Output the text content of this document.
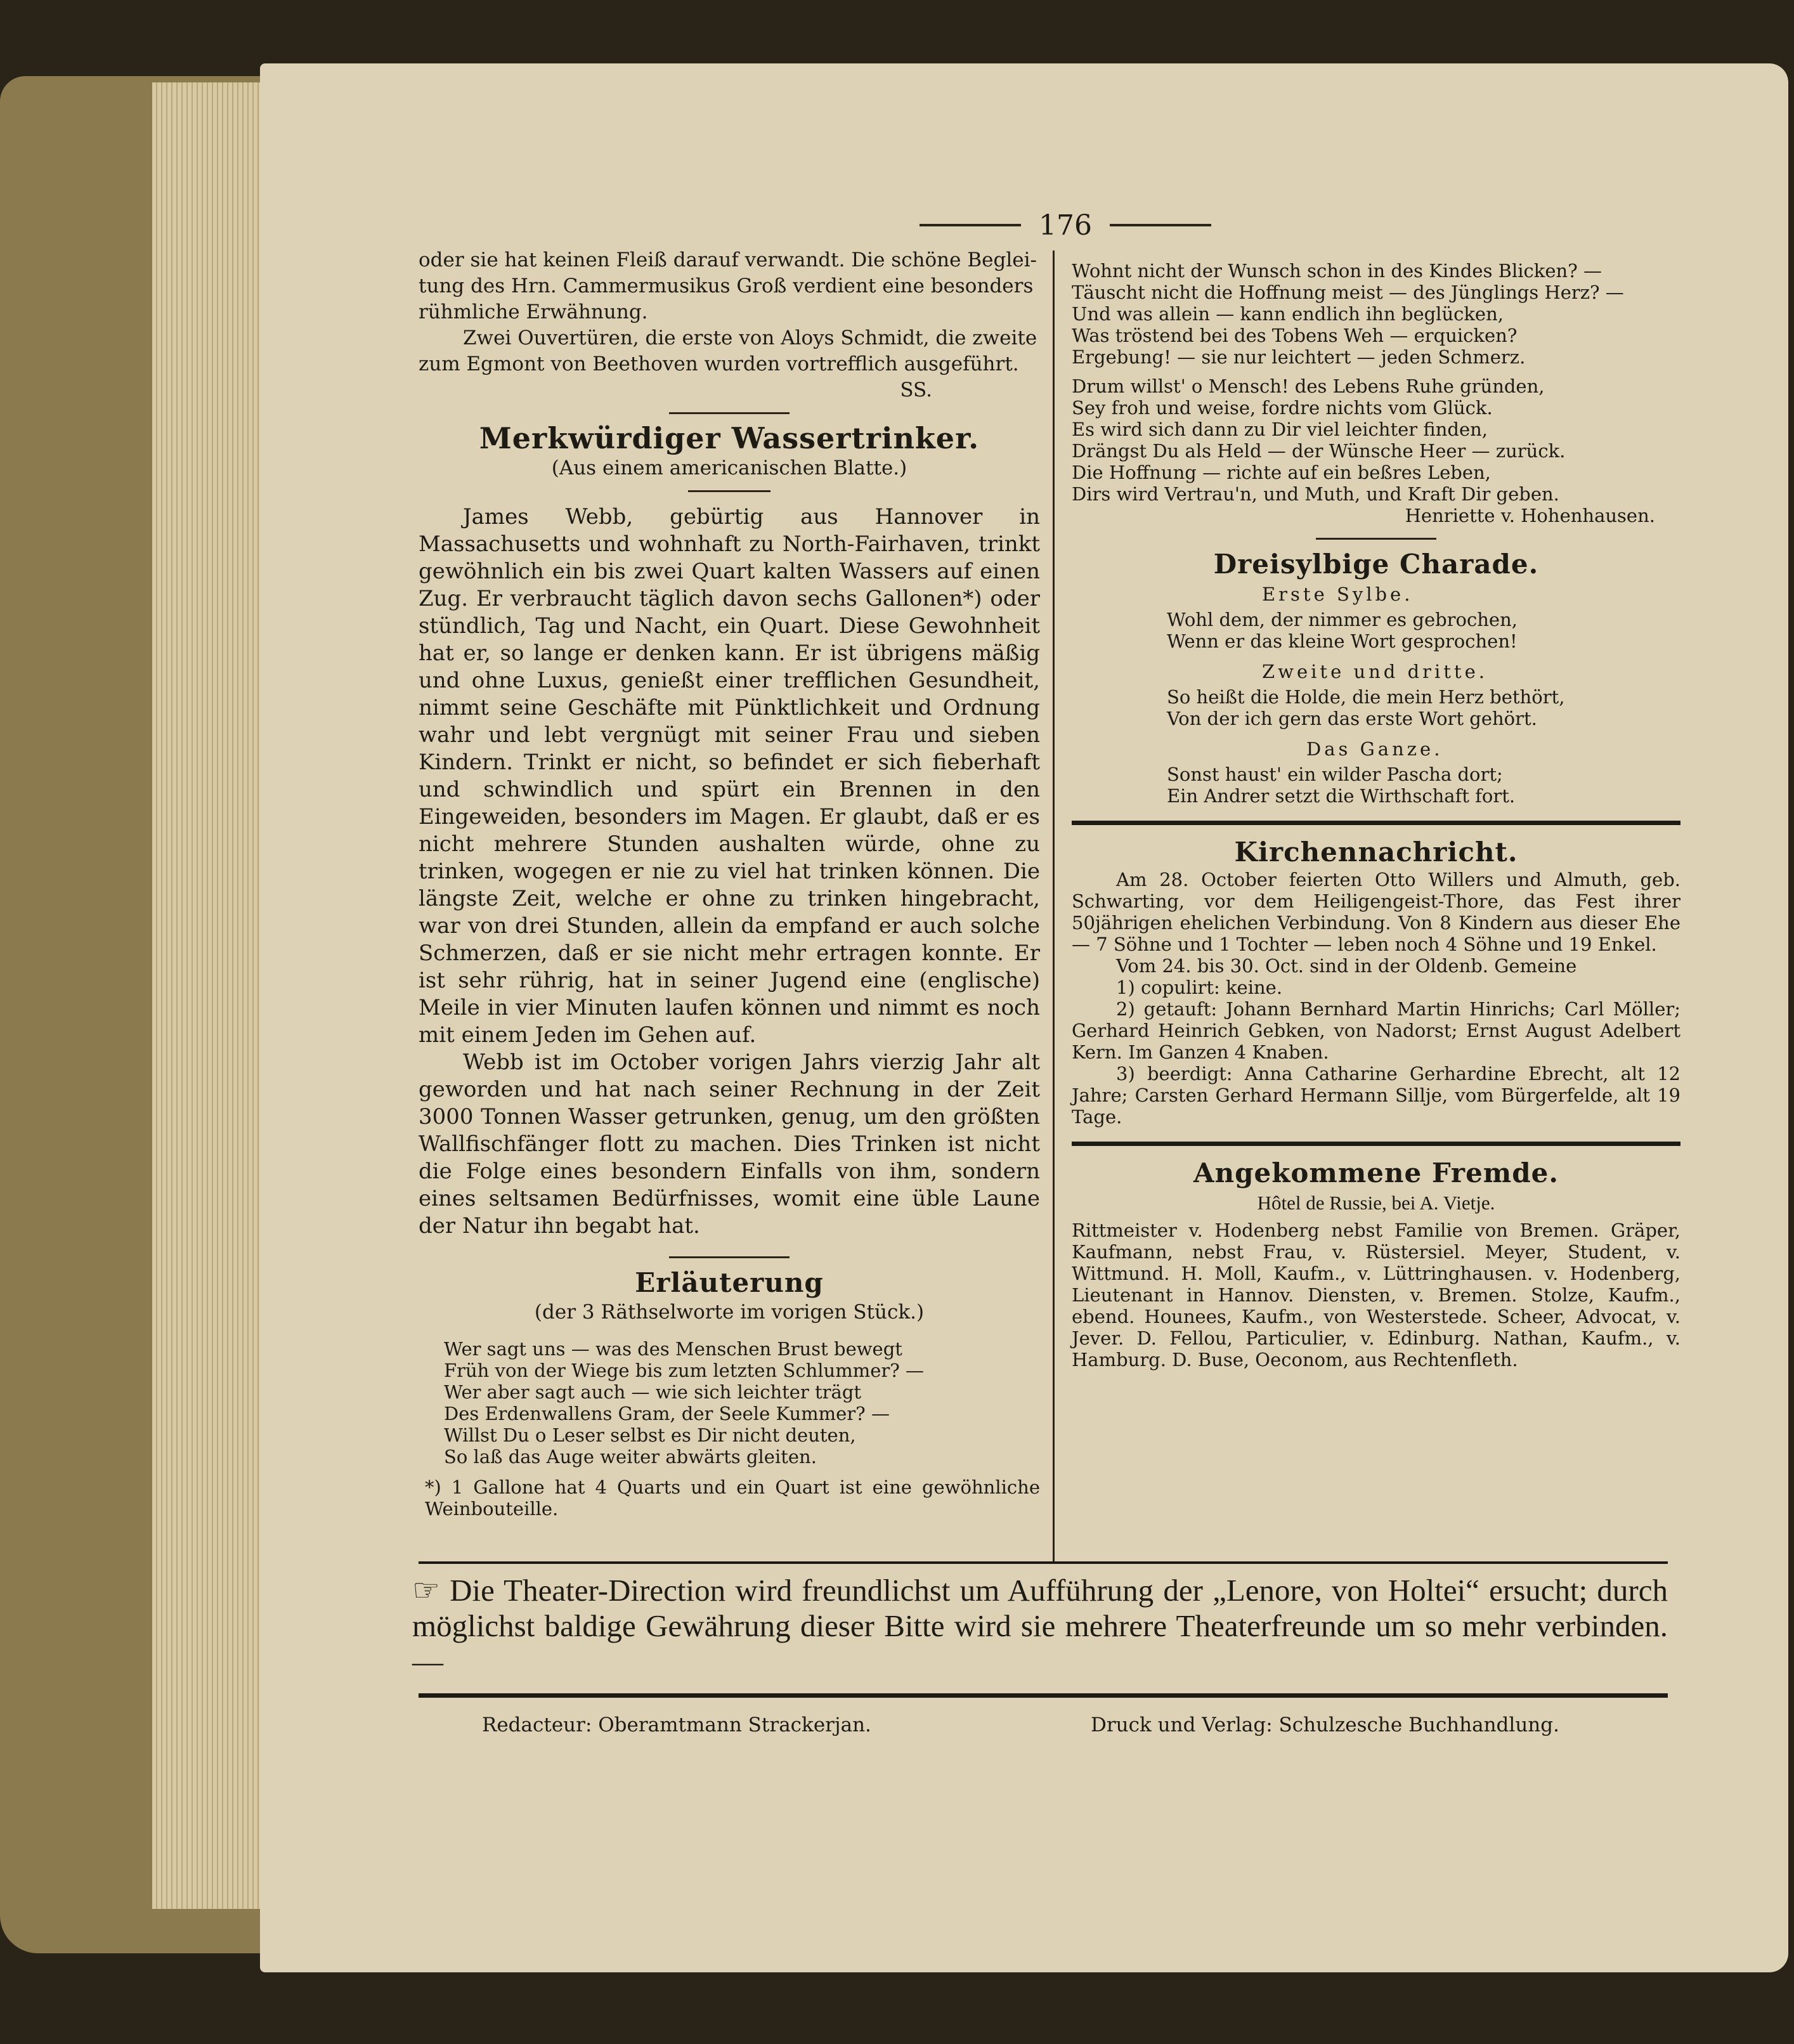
176
oder sie hat keinen Fleiß darauf verwandt. Die schöne Beglei-
tung des Hrn. Cammermusikus Groß verdient eine besonders
rühmliche Erwähnung.
Zwei Ouvertüren, die erste von Aloys Schmidt, die zweite
zum Egmont von Beethoven wurden vortrefflich ausgeführt.
SS.
Merkwürdiger Wassertrinker.
(Aus einem americanischen Blatte.)
James Webb, gebürtig aus Hannover in Massachusetts und wohnhaft zu North-Fairhaven, trinkt gewöhnlich ein bis zwei Quart kalten Wassers auf einen Zug. Er verbraucht täglich davon sechs Gallonen*) oder stündlich, Tag und Nacht, ein Quart. Diese Gewohnheit hat er, so lange er denken kann. Er ist übrigens mäßig und ohne Luxus, genießt einer trefflichen Gesundheit, nimmt seine Geschäfte mit Pünktlichkeit und Ordnung wahr und lebt vergnügt mit seiner Frau und sieben Kindern. Trinkt er nicht, so befindet er sich fieberhaft und schwindlich und spürt ein Brennen in den Eingeweiden, besonders im Magen. Er glaubt, daß er es nicht mehrere Stunden aushalten würde, ohne zu trinken, wogegen er nie zu viel hat trinken können. Die längste Zeit, welche er ohne zu trinken hingebracht, war von drei Stunden, allein da empfand er auch solche Schmerzen, daß er sie nicht mehr ertragen konnte. Er ist sehr rührig, hat in seiner Jugend eine (englische) Meile in vier Minuten laufen können und nimmt es noch mit einem Jeden im Gehen auf.
Webb ist im October vorigen Jahrs vierzig Jahr alt geworden und hat nach seiner Rechnung in der Zeit 3000 Tonnen Wasser getrunken, genug, um den größten Wallfischfänger flott zu machen. Dies Trinken ist nicht die Folge eines besondern Einfalls von ihm, sondern eines seltsamen Bedürfnisses, womit eine üble Laune der Natur ihn begabt hat.
Erläuterung
(der 3 Räthselworte im vorigen Stück.)
Wer sagt uns — was des Menschen Brust bewegt
Früh von der Wiege bis zum letzten Schlummer? —
Wer aber sagt auch — wie sich leichter trägt
Des Erdenwallens Gram, der Seele Kummer? —
Willst Du o Leser selbst es Dir nicht deuten,
So laß das Auge weiter abwärts gleiten.
*) 1 Gallone hat 4 Quarts und ein Quart ist eine gewöhnliche Weinbouteille.
Wohnt nicht der Wunsch schon in des Kindes Blicken? —
Täuscht nicht die Hoffnung meist — des Jünglings Herz? —
Und was allein — kann endlich ihn beglücken,
Was tröstend bei des Tobens Weh — erquicken?
Ergebung! — sie nur leichtert — jeden Schmerz.
Drum willst' o Mensch! des Lebens Ruhe gründen,
Sey froh und weise, fordre nichts vom Glück.
Es wird sich dann zu Dir viel leichter finden,
Drängst Du als Held — der Wünsche Heer — zurück.
Die Hoffnung — richte auf ein beßres Leben,
Dirs wird Vertrau'n, und Muth, und Kraft Dir geben.
Henriette v. Hohenhausen.
Dreisylbige Charade.
Erste Sylbe.
Wohl dem, der nimmer es gebrochen,
Wenn er das kleine Wort gesprochen!
Zweite und dritte.
So heißt die Holde, die mein Herz bethört,
Von der ich gern das erste Wort gehört.
Das Ganze.
Sonst haust' ein wilder Pascha dort;
Ein Andrer setzt die Wirthschaft fort.
Kirchennachricht.
Am 28. October feierten Otto Willers und Almuth, geb. Schwarting, vor dem Heiligengeist-Thore, das Fest ihrer 50jährigen ehelichen Verbindung. Von 8 Kindern aus dieser Ehe — 7 Söhne und 1 Tochter — leben noch 4 Söhne und 19 Enkel.
Vom 24. bis 30. Oct. sind in der Oldenb. Gemeine
1) copulirt: keine.
2) getauft: Johann Bernhard Martin Hinrichs; Carl Möller; Gerhard Heinrich Gebken, von Nadorst; Ernst August Adelbert Kern. Im Ganzen 4 Knaben.
3) beerdigt: Anna Catharine Gerhardine Ebrecht, alt 12 Jahre; Carsten Gerhard Hermann Sillje, vom Bürgerfelde, alt 19 Tage.
Angekommene Fremde.
Hôtel de Russie, bei A. Vietje.
Rittmeister v. Hodenberg nebst Familie von Bremen. Gräper, Kaufmann, nebst Frau, v. Rüstersiel. Meyer, Student, v. Wittmund. H. Moll, Kaufm., v. Lüttringhausen. v. Hodenberg, Lieutenant in Hannov. Diensten, v. Bremen. Stolze, Kaufm., ebend. Hounees, Kaufm., von Westerstede. Scheer, Advocat, v. Jever. D. Fellou, Particulier, v. Edinburg. Nathan, Kaufm., v. Hamburg. D. Buse, Oeconom, aus Rechtenfleth.
☞ Die Theater-Direction wird freundlichst um Aufführung der „Lenore, von Holtei“ ersucht; durch möglichst baldige Gewährung dieser Bitte wird sie mehrere Theaterfreunde um so mehr verbinden. —
Redacteur: Oberamtmann Strackerjan.	Druck und Verlag: Schulzesche Buchhandlung.
